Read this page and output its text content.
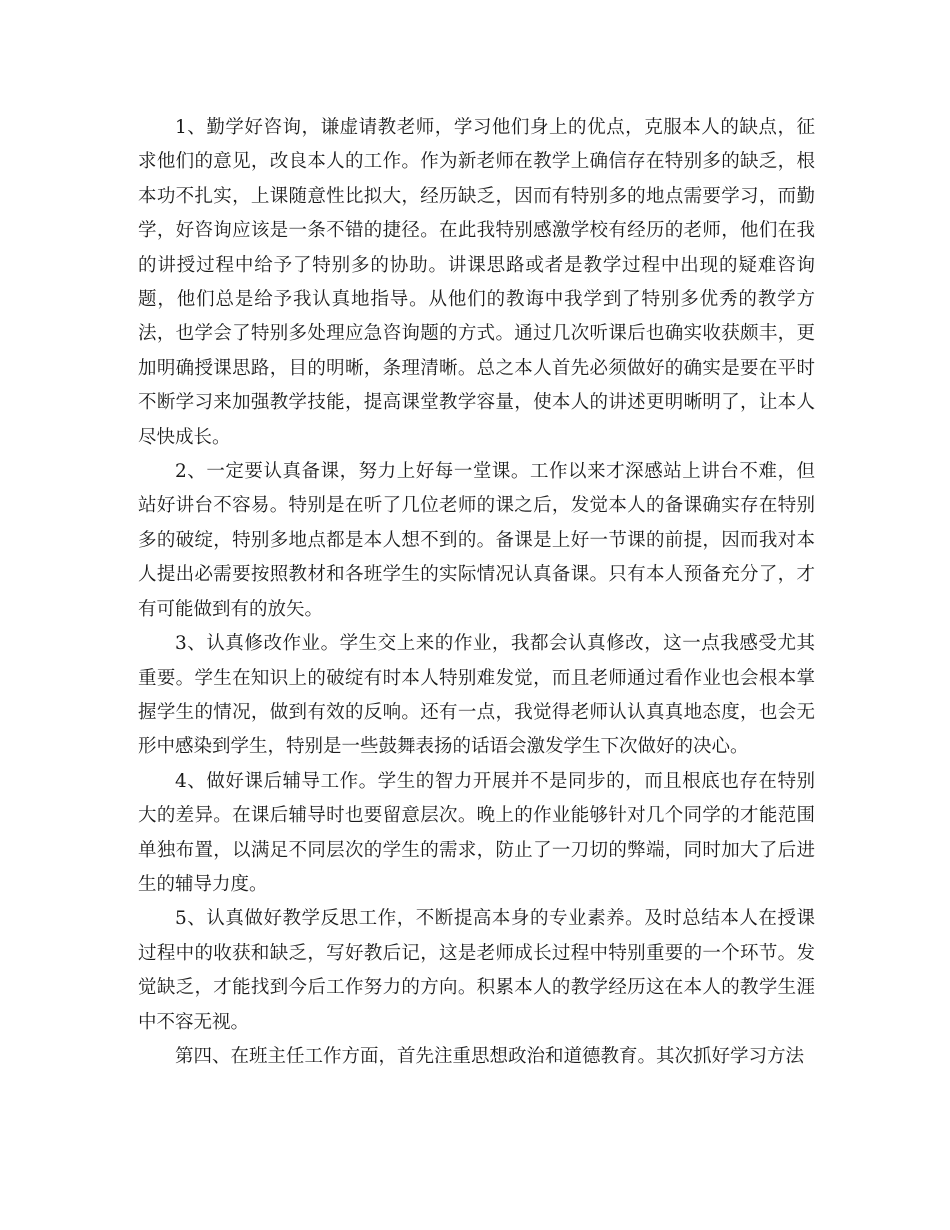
1、勤学好咨询，谦虚请教老师，学习他们身上的优点，克服本人的缺点，征求他们的意见，改良本人的工作。作为新老师在教学上确信存在特别多的缺乏，根本功不扎实，上课随意性比拟大，经历缺乏，因而有特别多的地点需要学习，而勤学，好咨询应该是一条不错的捷径。在此我特别感激学校有经历的老师，他们在我的讲授过程中给予了特别多的协助。讲课思路或者是教学过程中出现的疑难咨询题，他们总是给予我认真地指导。从他们的教诲中我学到了特别多优秀的教学方法，也学会了特别多处理应急咨询题的方式。通过几次听课后也确实收获颇丰，更加明确授课思路，目的明晰，条理清晰。总之本人首先必须做好的确实是要在平时不断学习来加强教学技能，提高课堂教学容量，使本人的讲述更明晰明了，让本人尽快成长。

2、一定要认真备课，努力上好每一堂课。工作以来才深感站上讲台不难，但站好讲台不容易。特别是在听了几位老师的课之后，发觉本人的备课确实存在特别多的破绽，特别多地点都是本人想不到的。备课是上好一节课的前提，因而我对本人提出必需要按照教材和各班学生的实际情况认真备课。只有本人预备充分了，才有可能做到有的放矢。

3、认真修改作业。学生交上来的作业，我都会认真修改，这一点我感受尤其重要。学生在知识上的破绽有时本人特别难发觉，而且老师通过看作业也会根本掌握学生的情况，做到有效的反响。还有一点，我觉得老师认认真真地态度，也会无形中感染到学生，特别是一些鼓舞表扬的话语会激发学生下次做好的决心。

4、做好课后辅导工作。学生的智力开展并不是同步的，而且根底也存在特别大的差异。在课后辅导时也要留意层次。晚上的作业能够针对几个同学的才能范围单独布置，以满足不同层次的学生的需求，防止了一刀切的弊端，同时加大了后进生的辅导力度。

5、认真做好教学反思工作，不断提高本身的专业素养。及时总结本人在授课过程中的收获和缺乏，写好教后记，这是老师成长过程中特别重要的一个环节。发觉缺乏，才能找到今后工作努力的方向。积累本人的教学经历这在本人的教学生涯中不容无视。

第四、在班主任工作方面，首先注重思想政治和道德教育。其次抓好学习方法
